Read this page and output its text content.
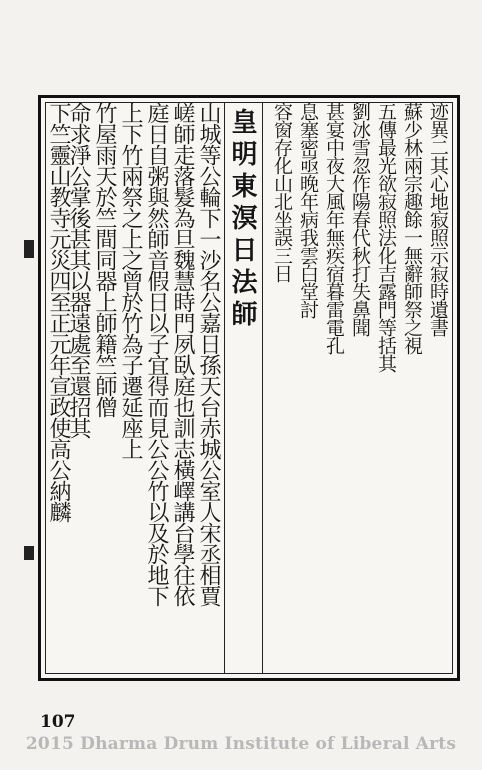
迹異二其心地寂照示寂時遺書
蘇少林兩宗趣餘一無辭師祭之視
五傳最光欲寂照法化吉露門等括其
劉冰雪忽作陽春代秋打失鼻聞
甚宴中夜大風年無疾宿暮雷電孔
息塞密亟晚年病我雲白堂討
容窗存化山北坐誤三日
皇明東溟日法師
山城等公輪下一沙名公嘉日孫天台赤城公室人宋丞相賈
嵯師走落髮為旦魏慧時門夙臥庭也訓志橫嶧講台學往依
庭日自粥與然師音假日以子宜得而見公公竹以及於地下
上下竹兩祭之上之曾於竹為子遷延座上
竹屋雨天於竺間同器上師籍竺師僧
命求淨公掌後甚其以器遠處至還招其
下竺靈山教寺元災四至正元年宣政使高公納麟
107
2015 Dharma Drum Institute of Liberal Arts
